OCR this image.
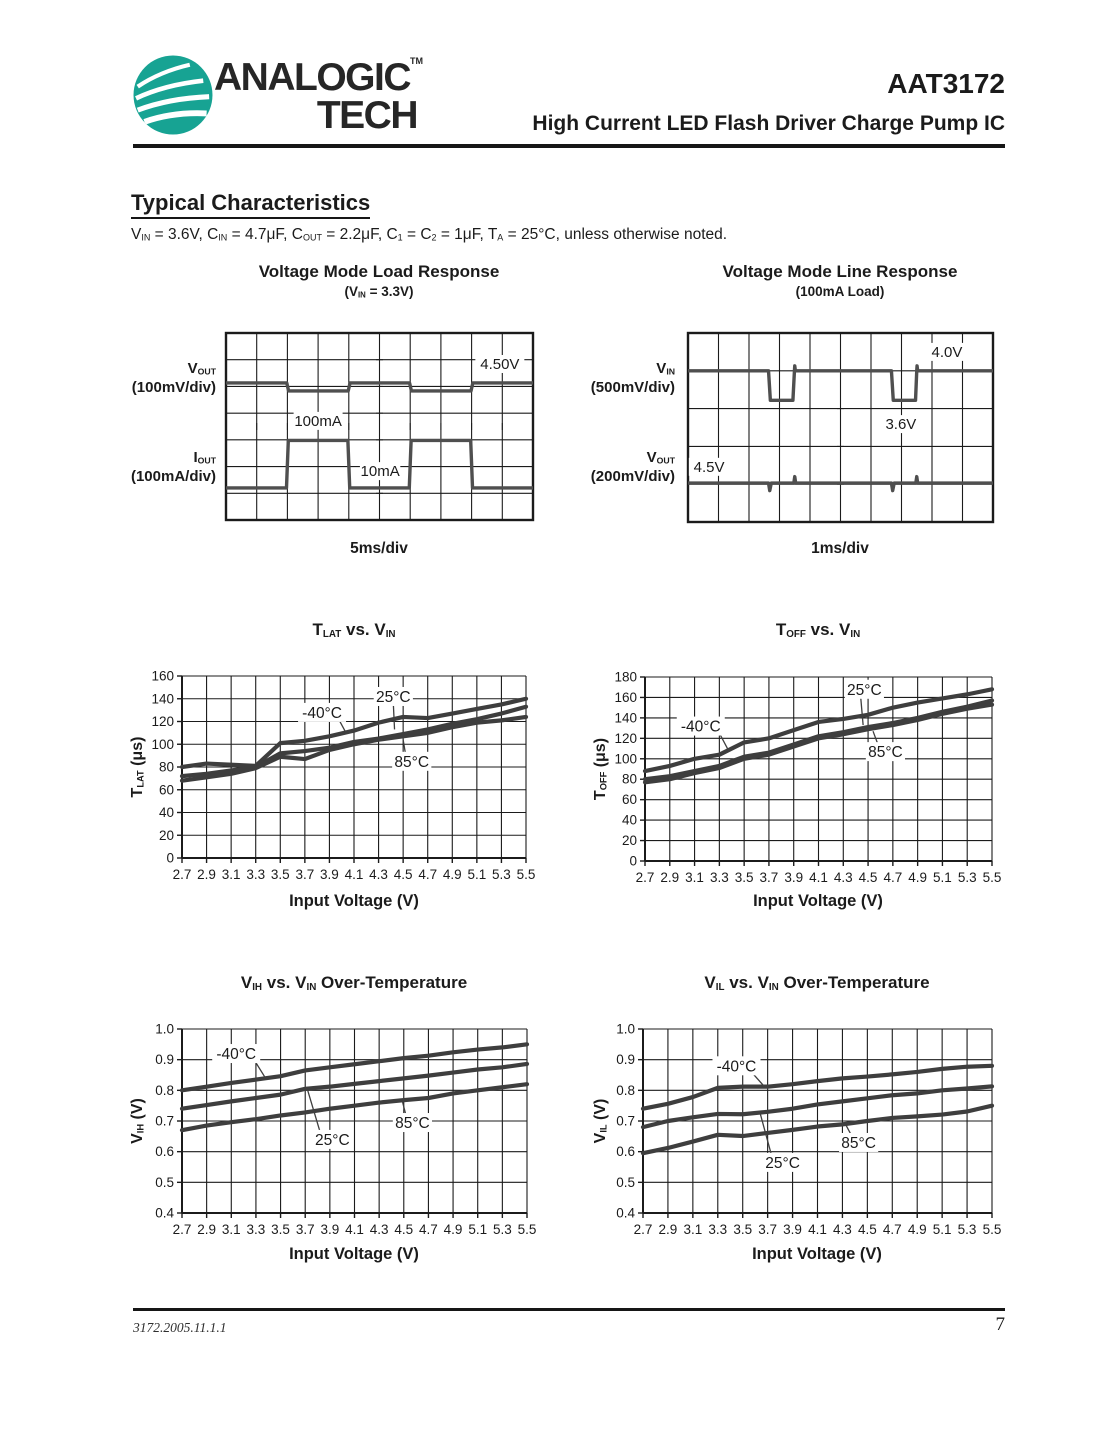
ANALOGIC™
TECH
AAT3172
High Current LED Flash Driver Charge Pump IC
Typical Characteristics
$V_{IN} = 3.6V$, $C_{IN} = 4.7\mu F$, $C_{OUT} = 2.2\mu F$, $C_1 = C_2 = 1\mu F$, $T_A = 25^\circ C$, unless otherwise noted.
Voltage Mode Load Response
$(V_{IN} = 3.3V)$
$V_{OUT}$
(100mV/div)
$I_{OUT}$
(100mA/div)
5ms/div
Voltage Mode Line Response
(100mA Load)
$V_{IN}$
(500mV/div)
$V_{OUT}$
(200mV/div)
1ms/div
$T_{LAT}$ vs. $V_{IN}$	$T_{OFF}$ vs. $V_{IN}$
$T_{LAT}$ (μs)
$T_{OFF}$ (μs)
Input Voltage (V)	Input Voltage (V)
$V_{IH}$ vs. $V_{IN}$ Over-Temperature	$V_{IL}$ vs. $V_{IN}$ Over-Temperature
$V_{IH}$ (V)
$V_{IL}$ (V)
Input Voltage (V)	Input Voltage (V)
4.50V
100mA
10mA
4.0V
3.6V
4.5V
2.7 2.9 3.1 3.3 3.5 3.7 3.9 4.1 4.3 4.5 4.7 4.9 5.1 5.3 5.5
0
20
40
60
80
100
120
140
160
-40°C
25°C
85°C
2.7 2.9 3.1 3.3 3.5 3.7 3.9 4.1 4.3 4.5 4.7 4.9 5.1 5.3 5.5
0
20
40
60
80
100
120
140
160
180
-40°C
25°C
85°C
2.7 2.9 3.1 3.3 3.5 3.7 3.9 4.1 4.3 4.5 4.7 4.9 5.1 5.3 5.5
0.4
0.5
0.6
0.7
0.8
0.9
1.0
-40°C
25°C
85°C
2.7 2.9 3.1 3.3 3.5 3.7 3.9 4.1 4.3 4.5 4.7 4.9 5.1 5.3 5.5
0.4
0.5
0.6
0.7
0.8
0.9
1.0
-40°C
25°C
85°C
3172.2005.11.1.1	7
